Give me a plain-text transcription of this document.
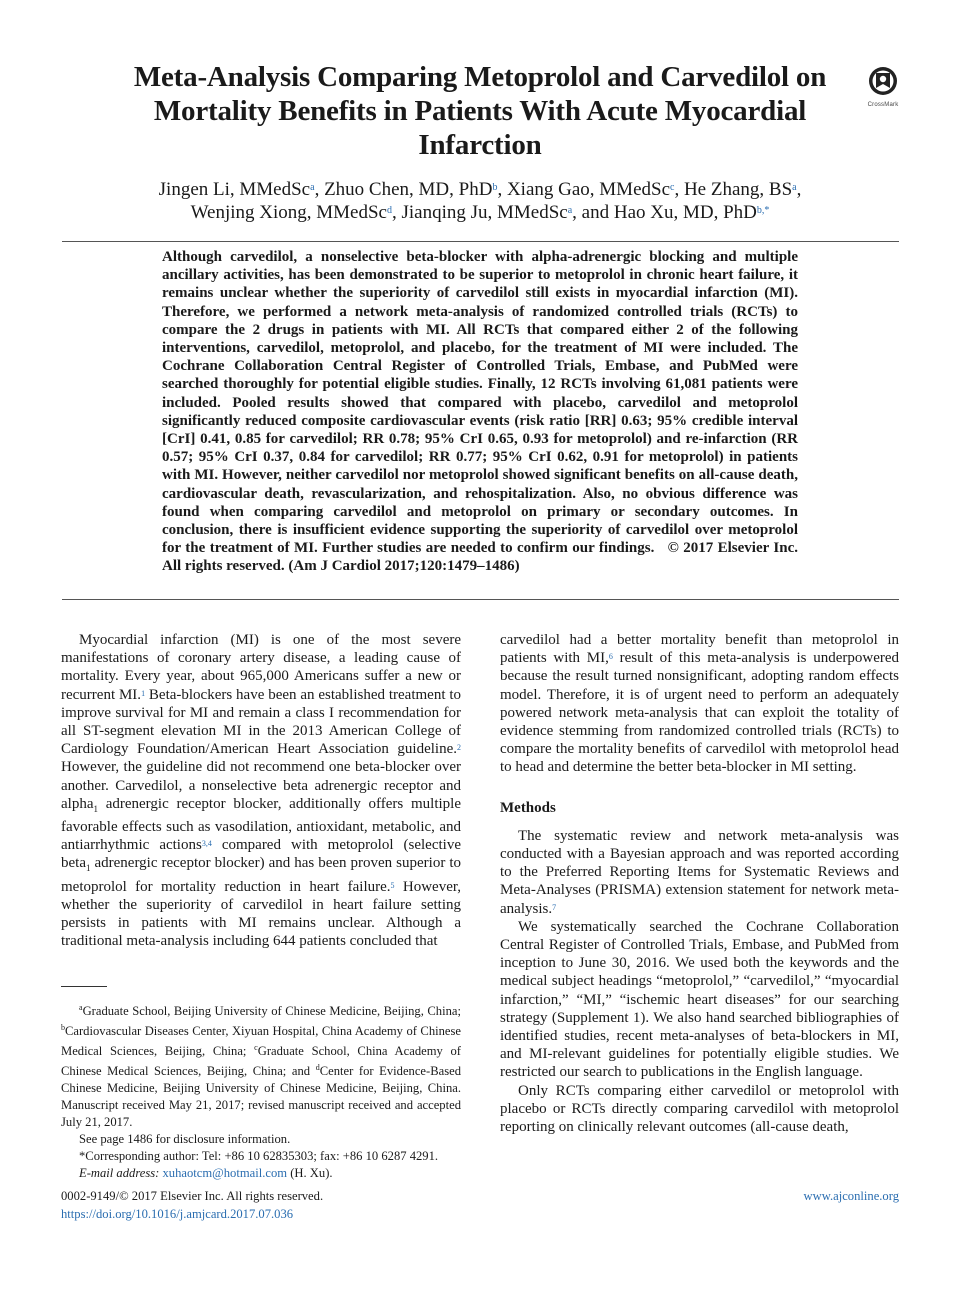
CrossMark
Meta-Analysis Comparing Metoprolol and Carvedilol on Mortality Benefits in Patients With Acute Myocardial Infarction
Jingen Li, MMedSc$^a$, Zhuo Chen, MD, PhD$^b$, Xiang Gao, MMedSc$^c$, He Zhang, $BS^a$,
Wenjing Xiong, MMedSc$^d$, Jianqing Ju, MMedSc$^a$, and Hao Xu, MD, PhD$^{b,*}$

Although carvedilol, a nonselective beta-blocker with alpha-adrenergic blocking and multiple ancillary activities, has been demonstrated to be superior to metoprolol in chronic heart failure, it remains unclear whether the superiority of carvedilol still exists in myocardial infarction (MI). Therefore, we performed a network meta-analysis of randomized controlled trials (RCTs) to compare the 2 drugs in patients with MI. All RCTs that compared either 2 of the following interventions, carvedilol, metoprolol, and placebo, for the treatment of MI were included. The Cochrane Collaboration Central Register of Controlled Trials, Embase, and PubMed were searched thoroughly for potential eligible studies. Finally, 12 RCTs involving 61,081 patients were included. Pooled results showed that compared with placebo, carvedilol and metoprolol significantly reduced composite cardiovascular events (risk ratio [RR] 0.63; 95% credible interval [CrI] 0.41, 0.85 for carvedilol; RR 0.78; 95% CrI 0.65, 0.93 for metoprolol) and re-infarction (RR 0.57; 95% CrI 0.37, 0.84 for carvedilol; RR 0.77; 95% CrI 0.62, 0.91 for metoprolol) in patients with MI. However, neither carvedilol nor metoprolol showed significant benefits on all-cause death, cardiovascular death, revascularization, and rehospitalization. Also, no obvious difference was found when comparing carvedilol and metoprolol on primary or secondary outcomes. In conclusion, there is insufficient evidence supporting the superiority of carvedilol over metoprolol for the treatment of MI. Further studies are needed to confirm our findings. © 2017 Elsevier Inc. All rights reserved. (Am J Cardiol 2017;120:1479–1486)

Myocardial infarction (MI) is one of the most severe manifestations of coronary artery disease, a leading cause of mortality. Every year, about 965,000 Americans suffer a new or recurrent MI.$^1$ Beta-blockers have been an established treatment to improve survival for MI and remain a class I recommendation for all ST-segment elevation MI in the 2013 American College of Cardiology Foundation/American Heart Association guideline.$^2$ However, the guideline did not recommend one beta-blocker over another. Carvedilol, a nonselective beta adrenergic receptor and alpha$_1$ adrenergic receptor blocker, additionally offers multiple favorable effects such as vasodilation, antioxidant, metabolic, and antiarrhythmic actions$^{3,4}$ compared with metoprolol (selective beta$_1$ adrenergic receptor blocker) and has been proven superior to metoprolol for mortality reduction in heart failure.$^5$ However, whether the superiority of carvedilol in heart failure setting persists in patients with MI remains unclear. Although a traditional meta-analysis including 644 patients concluded that

carvedilol had a better mortality benefit than metoprolol in patients with MI,$^6$ result of this meta-analysis is underpowered because the result turned nonsignificant, adopting random effects model. Therefore, it is of urgent need to perform an adequately powered network meta-analysis that can exploit the totality of evidence stemming from randomized controlled trials (RCTs) to compare the mortality benefits of carvedilol with metoprolol head to head and determine the better beta-blocker in MI setting.

Methods

The systematic review and network meta-analysis was conducted with a Bayesian approach and was reported according to the Preferred Reporting Items for Systematic Reviews and Meta-Analyses (PRISMA) extension statement for network meta-analysis.$^7$

We systematically searched the Cochrane Collaboration Central Register of Controlled Trials, Embase, and PubMed from inception to June 30, 2016. We used both the keywords and the medical subject headings “metoprolol,” “carvedilol,” “myocardial infarction,” “MI,” “ischemic heart diseases” for our searching strategy (Supplement 1). We also hand searched bibliographies of identified studies, recent meta-analyses of beta-blockers in MI, and MI-relevant guidelines for potentially eligible studies. We restricted our search to publications in the English language.

Only RCTs comparing either carvedilol or metoprolol with placebo or RCTs directly comparing carvedilol with metoprolol reporting on clinically relevant outcomes (all-cause death,

$^a$Graduate School, Beijing University of Chinese Medicine, Beijing, China; $^b$Cardiovascular Diseases Center, Xiyuan Hospital, China Academy of Chinese Medical Sciences, Beijing, China; $^c$Graduate School, China Academy of Chinese Medical Sciences, Beijing, China; and $^d$Center for Evidence-Based Chinese Medicine, Beijing University of Chinese Medicine, Beijing, China. Manuscript received May 21, 2017; revised manuscript received and accepted July 21, 2017.

See page 1486 for disclosure information.

*Corresponding author: Tel: +86 10 62835303; fax: +86 10 6287 4291.

E-mail address: xuhaotcm@hotmail.com (H. Xu).

0002-9149/© 2017 Elsevier Inc. All rights reserved.
https://doi.org/10.1016/j.amjcard.2017.07.036
www.ajconline.org
